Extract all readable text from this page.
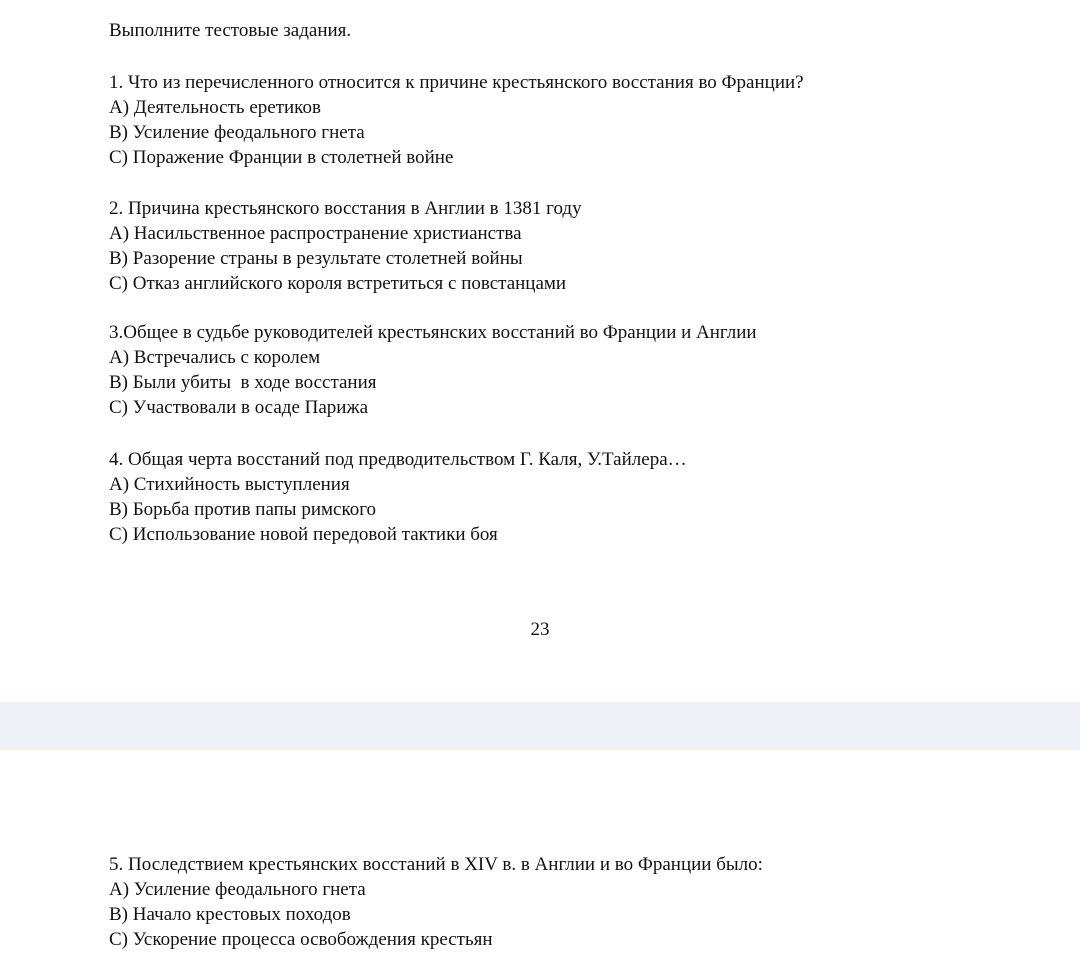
Выполните тестовые задания.
1. Что из перечисленного относится к причине крестьянского восстания во Франции?
A) Деятельность еретиков
B) Усиление феодального гнета
C) Поражение Франции в столетней войне
2. Причина крестьянского восстания в Англии в 1381 году
A) Насильственное распространение христианства
B) Разорение страны в результате столетней войны
C) Отказ английского короля встретиться с повстанцами
3.Общее в судьбе руководителей крестьянских восстаний во Франции и Англии
A) Встречались с королем
B) Были убиты  в ходе восстания
C) Участвовали в осаде Парижа
4. Общая черта восстаний под предводительством Г. Каля, У.Тайлера…
A) Стихийность выступления
B) Борьба против папы римского
C) Использование новой передовой тактики боя
23
5. Последствием крестьянских восстаний в XIV в. в Англии и во Франции было:
A) Усиление феодального гнета
B) Начало крестовых походов
C) Ускорение процесса освобождения крестьян
